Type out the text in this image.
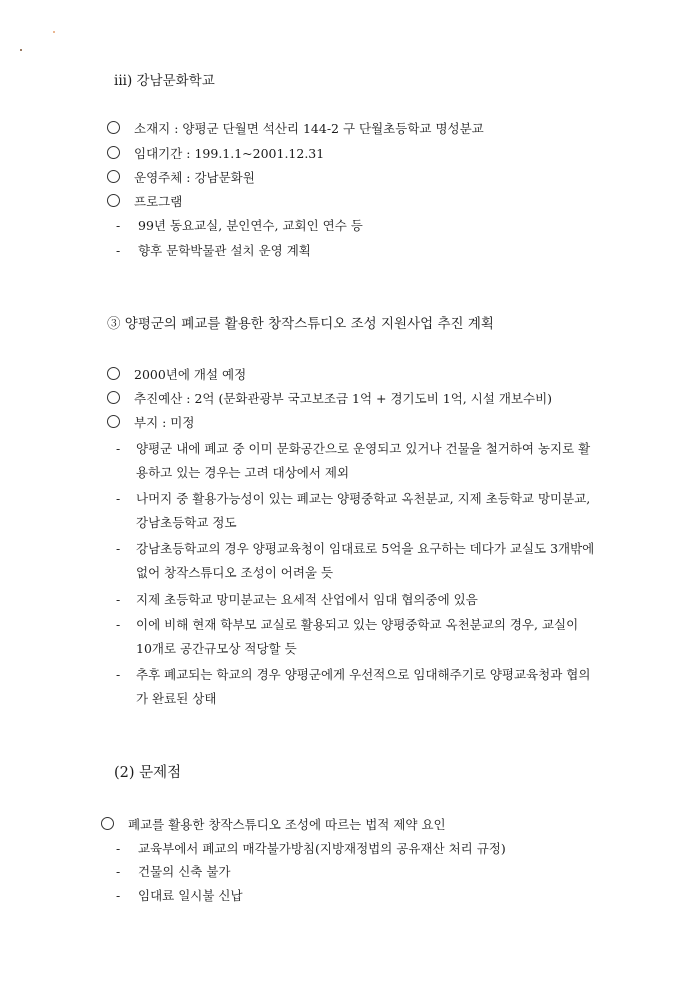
iii) 강남문화학교
소재지 : 양평군 단월면 석산리 144-2 구 단월초등학교 명성분교
임대기간 : 199.1.1~2001.12.31
운영주체 : 강남문화원
프로그램
- 99년 동요교실, 분인연수, 교회인 연수 등
- 향후 문학박물관 설치 운영 계획
③ 양평군의 폐교를 활용한 창작스튜디오 조성 지원사업 추진 계획
2000년에 개설 예정
추진예산 : 2억 (문화관광부 국고보조금 1억 + 경기도비 1억, 시설 개보수비)
부지 : 미정
- 양평군 내에 폐교 중 이미 문화공간으로 운영되고 있거나 건물을 철거하여 농지로 활
용하고 있는 경우는 고려 대상에서 제외
- 나머지 중 활용가능성이 있는 폐교는 양평중학교 옥천분교, 지제 초등학교 망미분교,
강남초등학교 정도
- 강남초등학교의 경우 양평교육청이 임대료로 5억을 요구하는 데다가 교실도 3개밖에
없어 창작스튜디오 조성이 어려울 듯
- 지제 초등학교 망미분교는 요세적 산업에서 임대 협의중에 있음
- 이에 비해 현재 학부모 교실로 활용되고 있는 양평중학교 옥천분교의 경우, 교실이
10개로 공간규모상 적당할 듯
- 추후 폐교되는 학교의 경우 양평군에게 우선적으로 임대해주기로 양평교육청과 협의
가 완료된 상태
(2) 문제점
폐교를 활용한 창작스튜디오 조성에 따르는 법적 제약 요인
- 교육부에서 폐교의 매각불가방침(지방재정법의 공유재산 처리 규정)
- 건물의 신축 불가
- 임대료 일시불 신납
